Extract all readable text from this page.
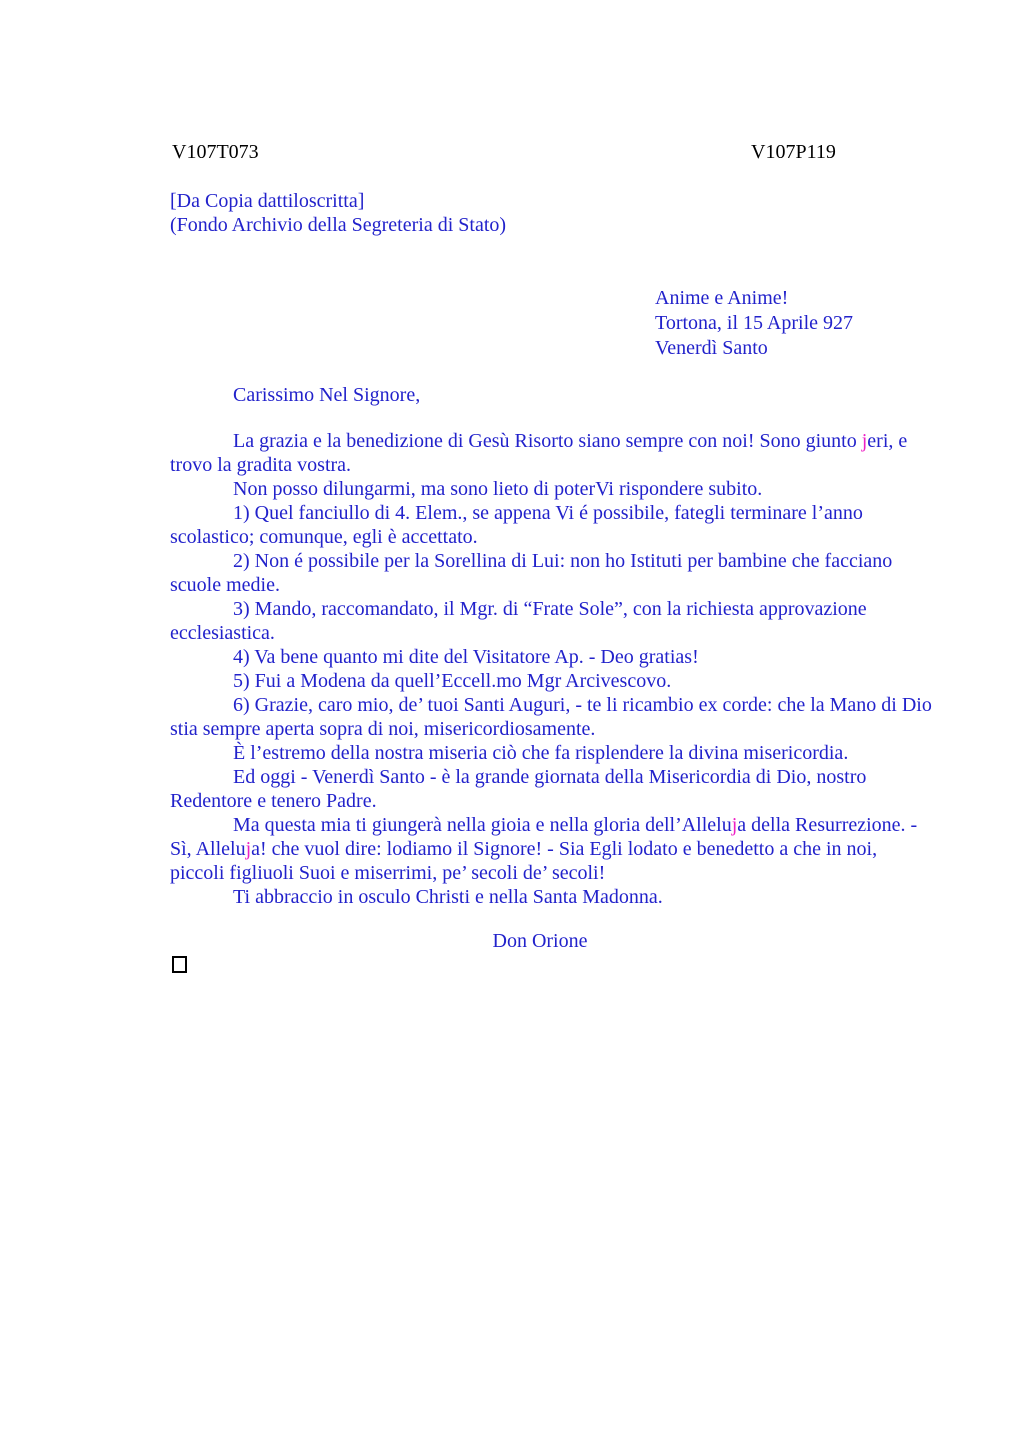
V107T073	V107P119
[Da Copia dattiloscritta]
(Fondo Archivio della Segreteria di Stato)
Anime e Anime!
Tortona, il 15 Aprile 927
Venerdì Santo
Carissimo Nel Signore,

La grazia e la benedizione di Gesù Risorto siano sempre con noi! Sono giunto jeri, e trovo la gradita vostra.

Non posso dilungarmi, ma sono lieto di poterVi rispondere subito.

1) Quel fanciullo di 4. Elem., se appena Vi é possibile, fategli terminare l’anno scolastico; comunque, egli è accettato.

2) Non é possibile per la Sorellina di Lui: non ho Istituti per bambine che facciano scuole medie.

3) Mando, raccomandato, il Mgr. di “Frate Sole”, con la richiesta approvazione ecclesiastica.

4) Va bene quanto mi dite del Visitatore Ap. - Deo gratias!

5) Fui a Modena da quell’Eccell.mo Mgr Arcivescovo.

6) Grazie, caro mio, de’ tuoi Santi Auguri, - te li ricambio ex corde: che la Mano di Dio stia sempre aperta sopra di noi, misericordiosamente.

È l’estremo della nostra miseria ciò che fa risplendere la divina misericordia.

Ed oggi - Venerdì Santo - è la grande giornata della Misericordia di Dio, nostro Redentore e tenero Padre.

Ma questa mia ti giungerà nella gioia e nella gloria dell’Alleluja della Resurrezione. - Sì, Alleluja! che vuol dire: lodiamo il Signore! - Sia Egli lodato e benedetto a che in noi, piccoli figliuoli Suoi e miserrimi, pe’ secoli de’ secoli!

Ti abbraccio in osculo Christi e nella Santa Madonna.

Don Orione
